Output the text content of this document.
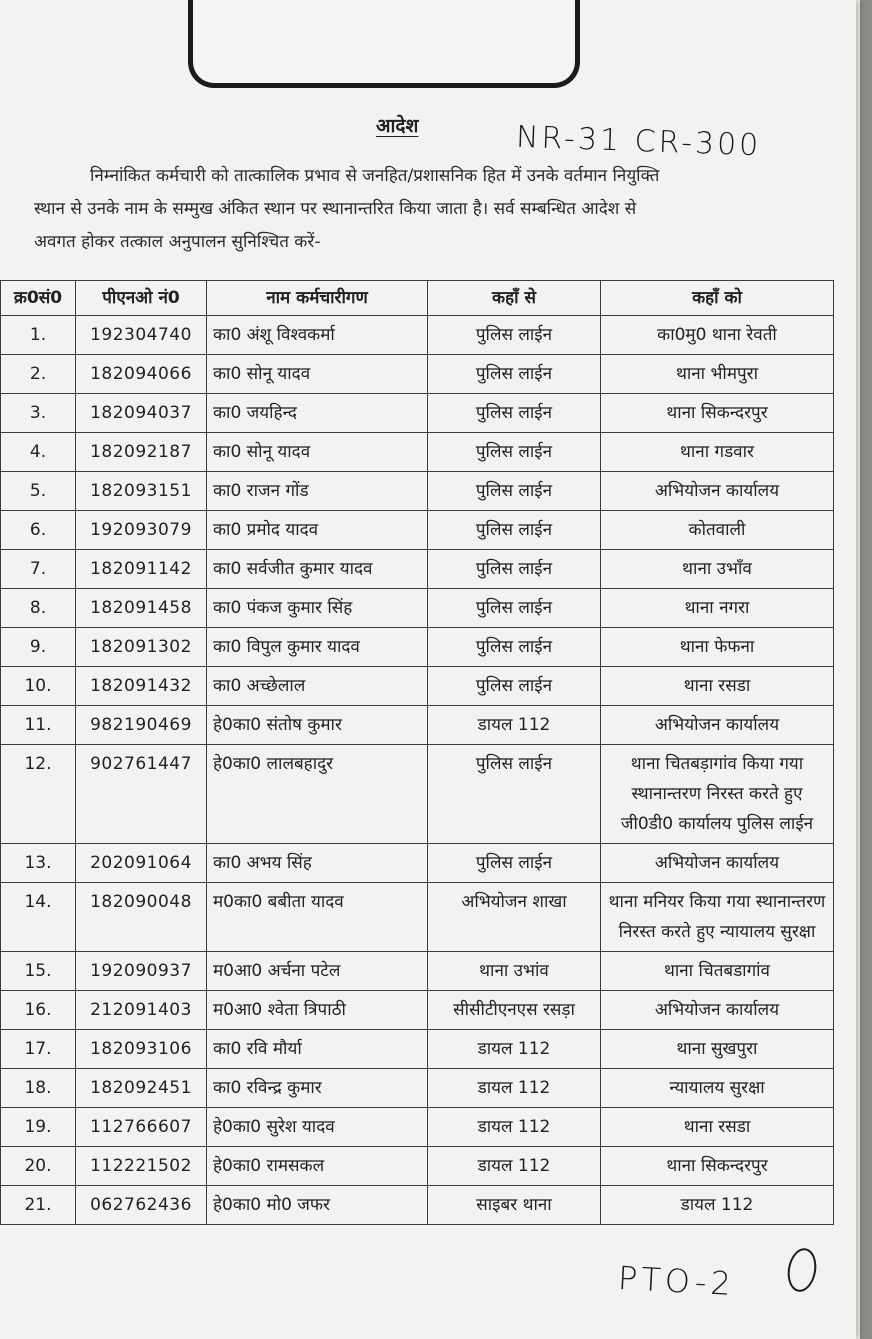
आदेश	NR-31 CR-300
निम्नांकित कर्मचारी को तात्कालिक प्रभाव से जनहित/प्रशासनिक हित में उनके वर्तमान नियुक्ति
स्थान से उनके नाम के सम्मुख अंकित स्थान पर स्थानान्तरित किया जाता है। सर्व सम्बन्धित आदेश से
अवगत होकर तत्काल अनुपालन सुनिश्चित करें-
क्र0सं0	पीएनओ नं0	नाम कर्मचारीगण	कहाँ से	कहाँ को
1.	192304740	का0 अंशू विश्वकर्मा	पुलिस लाईन	का0मु0 थाना रेवती
2.	182094066	का0 सोनू यादव	पुलिस लाईन	थाना भीमपुरा
3.	182094037	का0 जयहिन्द	पुलिस लाईन	थाना सिकन्दरपुर
4.	182092187	का0 सोनू यादव	पुलिस लाईन	थाना गडवार
5.	182093151	का0 राजन गोंड	पुलिस लाईन	अभियोजन कार्यालय
6.	192093079	का0 प्रमोद यादव	पुलिस लाईन	कोतवाली
7.	182091142	का0 सर्वजीत कुमार यादव	पुलिस लाईन	थाना उभाँव
8.	182091458	का0 पंकज कुमार सिंह	पुलिस लाईन	थाना नगरा
9.	182091302	का0 विपुल कुमार यादव	पुलिस लाईन	थाना फेफना
10.	182091432	का0 अच्छेलाल	पुलिस लाईन	थाना रसडा
11.	982190469	हे0का0 संतोष कुमार	डायल 112	अभियोजन कार्यालय
12.	902761447	हे0का0 लालबहादुर	पुलिस लाईन	थाना चितबड़ागांव किया गया स्थानान्तरण निरस्त करते हुए जी0डी0 कार्यालय पुलिस लाईन
13.	202091064	का0 अभय सिंह	पुलिस लाईन	अभियोजन कार्यालय
14.	182090048	म0का0 बबीता यादव	अभियोजन शाखा	थाना मनियर किया गया स्थानान्तरण निरस्त करते हुए न्यायालय सुरक्षा
15.	192090937	म0आ0 अर्चना पटेल	थाना उभांव	थाना चितबडागांव
16.	212091403	म0आ0 श्वेता त्रिपाठी	सीसीटीएनएस रसड़ा	अभियोजन कार्यालय
17.	182093106	का0 रवि मौर्या	डायल 112	थाना सुखपुरा
18.	182092451	का0 रविन्द्र कुमार	डायल 112	न्यायालय सुरक्षा
19.	112766607	हे0का0 सुरेश यादव	डायल 112	थाना रसडा
20.	112221502	हे0का0 रामसकल	डायल 112	थाना सिकन्दरपुर
21.	062762436	हे0का0 मो0 जफर	साइबर थाना	डायल 112
PTO-2
